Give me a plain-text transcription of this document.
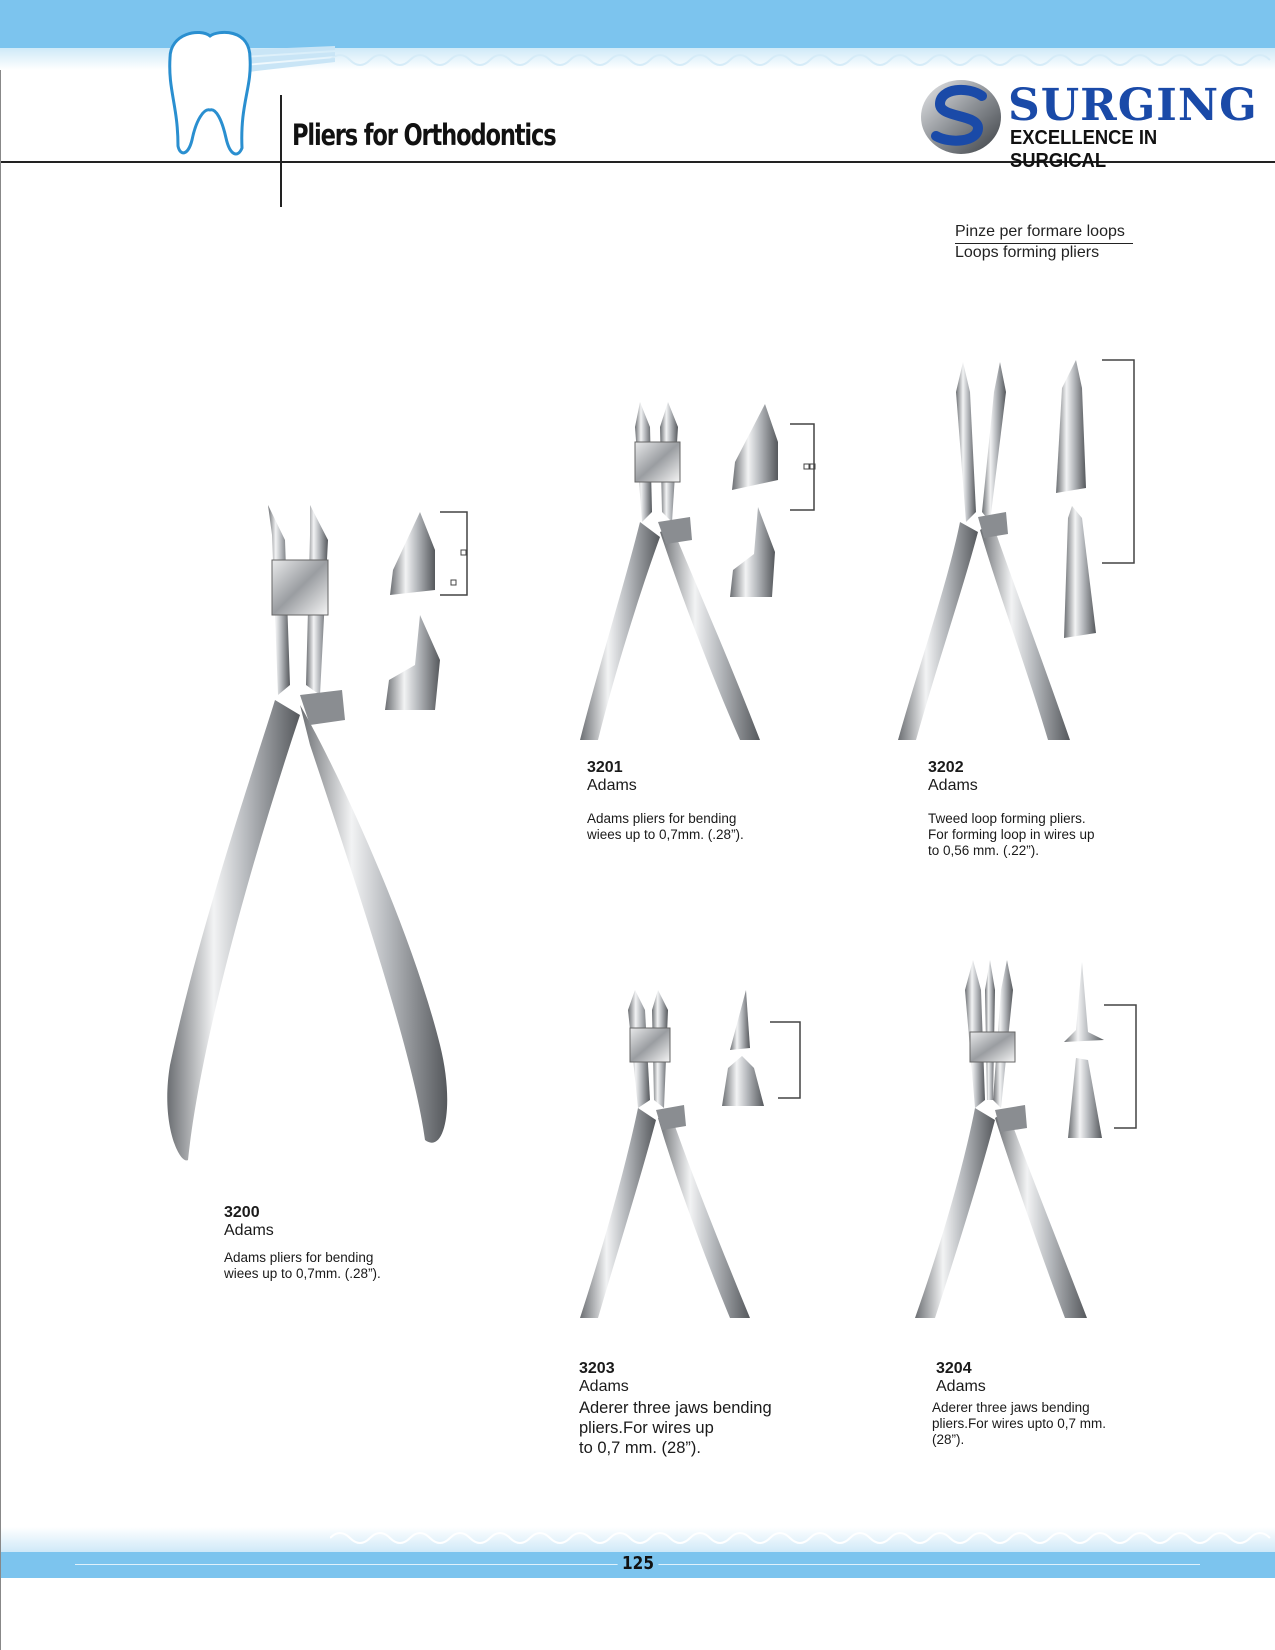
Pliers for Orthodontics
SURGING
EXCELLENCE IN SURGICAL
Pinze per formare loops
Loops forming pliers
3200
Adams
Adams pliers for bending
wiees up to 0,7mm. (.28”).
3201
Adams
Adams pliers for bending
wiees up to 0,7mm. (.28”).
3202
Adams
Tweed loop forming pliers.
For forming loop in wires up
to 0,56 mm. (.22”).
3203
Adams
Aderer three jaws bending
pliers.For wires up
to 0,7 mm. (28”).
3204
Adams
Aderer three jaws bending
pliers.For wires upto 0,7 mm.
(28”).
125
